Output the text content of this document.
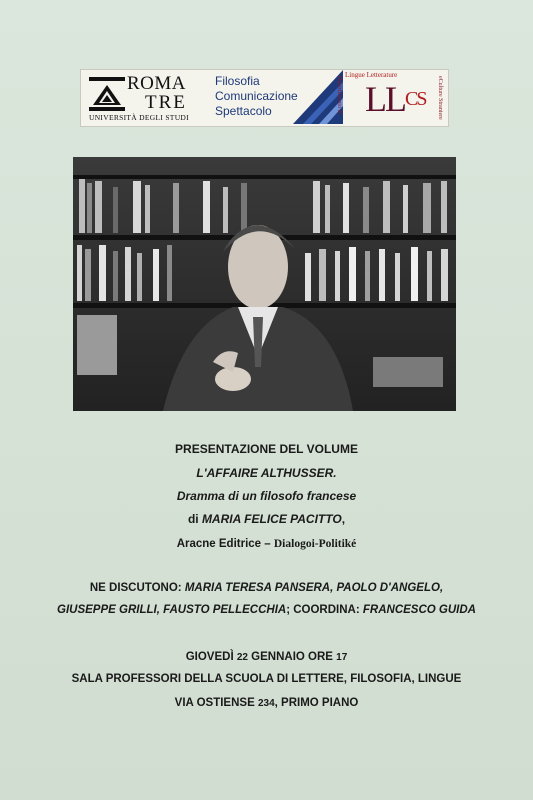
ROMA
TRE
UNIVERSITÀ DEGLI STUDI
Filosofia
Comunicazione
Spettacolo
Lingue Letterature
Dipartimento di	eCulture Straniere
$LL^{CS}$
PRESENTAZIONE DEL VOLUME
L'AFFAIRE ALTHUSSER.
Dramma di un filosofo francese
di MARIA FELICE PACITTO,
Aracne Editrice – Dialogoi-Politiké
NE DISCUTONO: MARIA TERESA PANSERA, PAOLO D'ANGELO,
GIUSEPPE GRILLI, FAUSTO PELLECCHIA; COORDINA: FRANCESCO GUIDA
GIOVEDÌ 22 GENNAIO ORE 17
SALA PROFESSORI DELLA SCUOLA DI LETTERE, FILOSOFIA, LINGUE
VIA OSTIENSE 234, PRIMO PIANO
